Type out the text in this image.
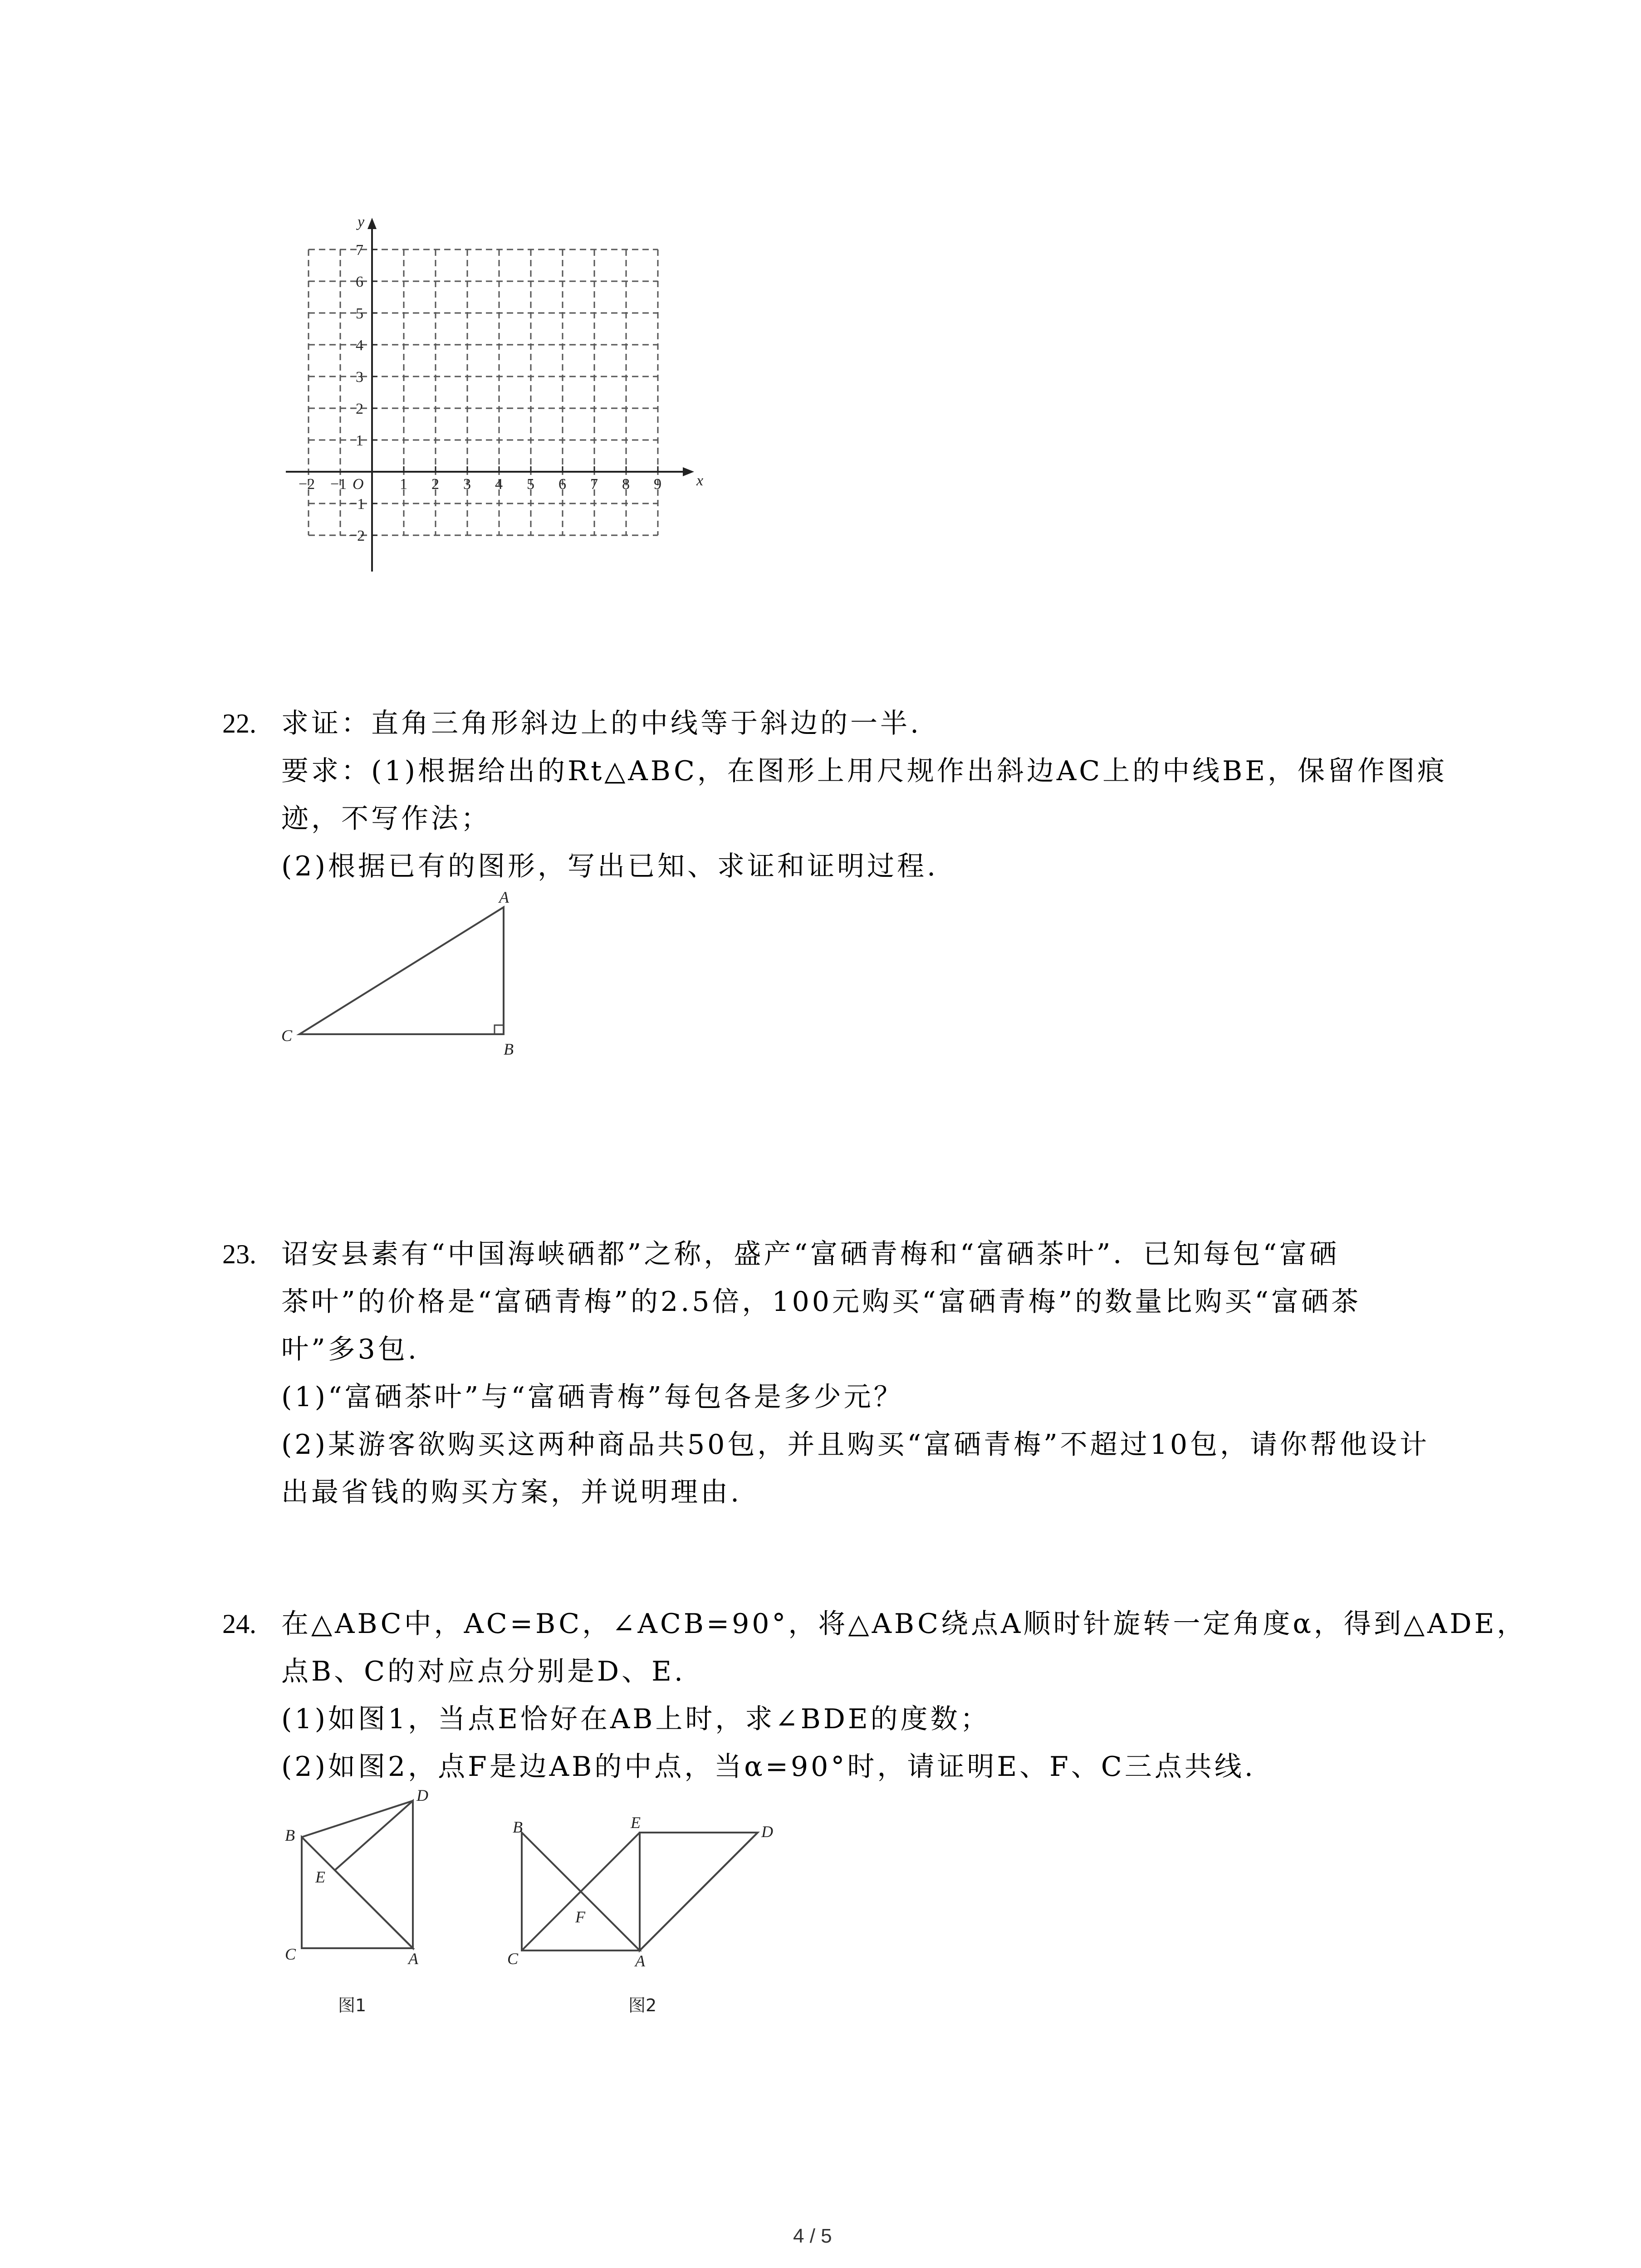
y
x
O
−2 −1	1 2 3 4 5 6 7 8 9
7
6
5
4
3
2
1
−1
−2
22. 求证：直角三角形斜边上的中线等于斜边的一半.
要求：(1)根据给出的Rt△ABC，在图形上用尺规作出斜边AC上的中线BE，保留作图痕
迹，不写作法；
(2)根据已有的图形，写出已知、求证和证明过程.
A
B
C
23. 诏安县素有“中国海峡硒都”之称，盛产“富硒青梅和“富硒茶叶”．已知每包“富硒
茶叶”的价格是“富硒青梅”的2.5倍，100元购买“富硒青梅”的数量比购买“富硒茶
叶”多3包.
(1)“富硒茶叶”与“富硒青梅”每包各是多少元？
(2)某游客欲购买这两种商品共50包，并且购买“富硒青梅”不超过10包，请你帮他设计
出最省钱的购买方案，并说明理由.
24. 在△ABC中，AC=BC，∠ACB=90°，将△ABC绕点A顺时针旋转一定角度α，得到△ADE，
点B、C的对应点分别是D、E.
(1)如图1，当点E恰好在AB上时，求∠BDE的度数；
(2)如图2，点F是边AB的中点，当α=90°时，请证明E、F、C三点共线.
B
D
E
C	A
图1
B	E	D
F
C	A
图2
4 / 5
